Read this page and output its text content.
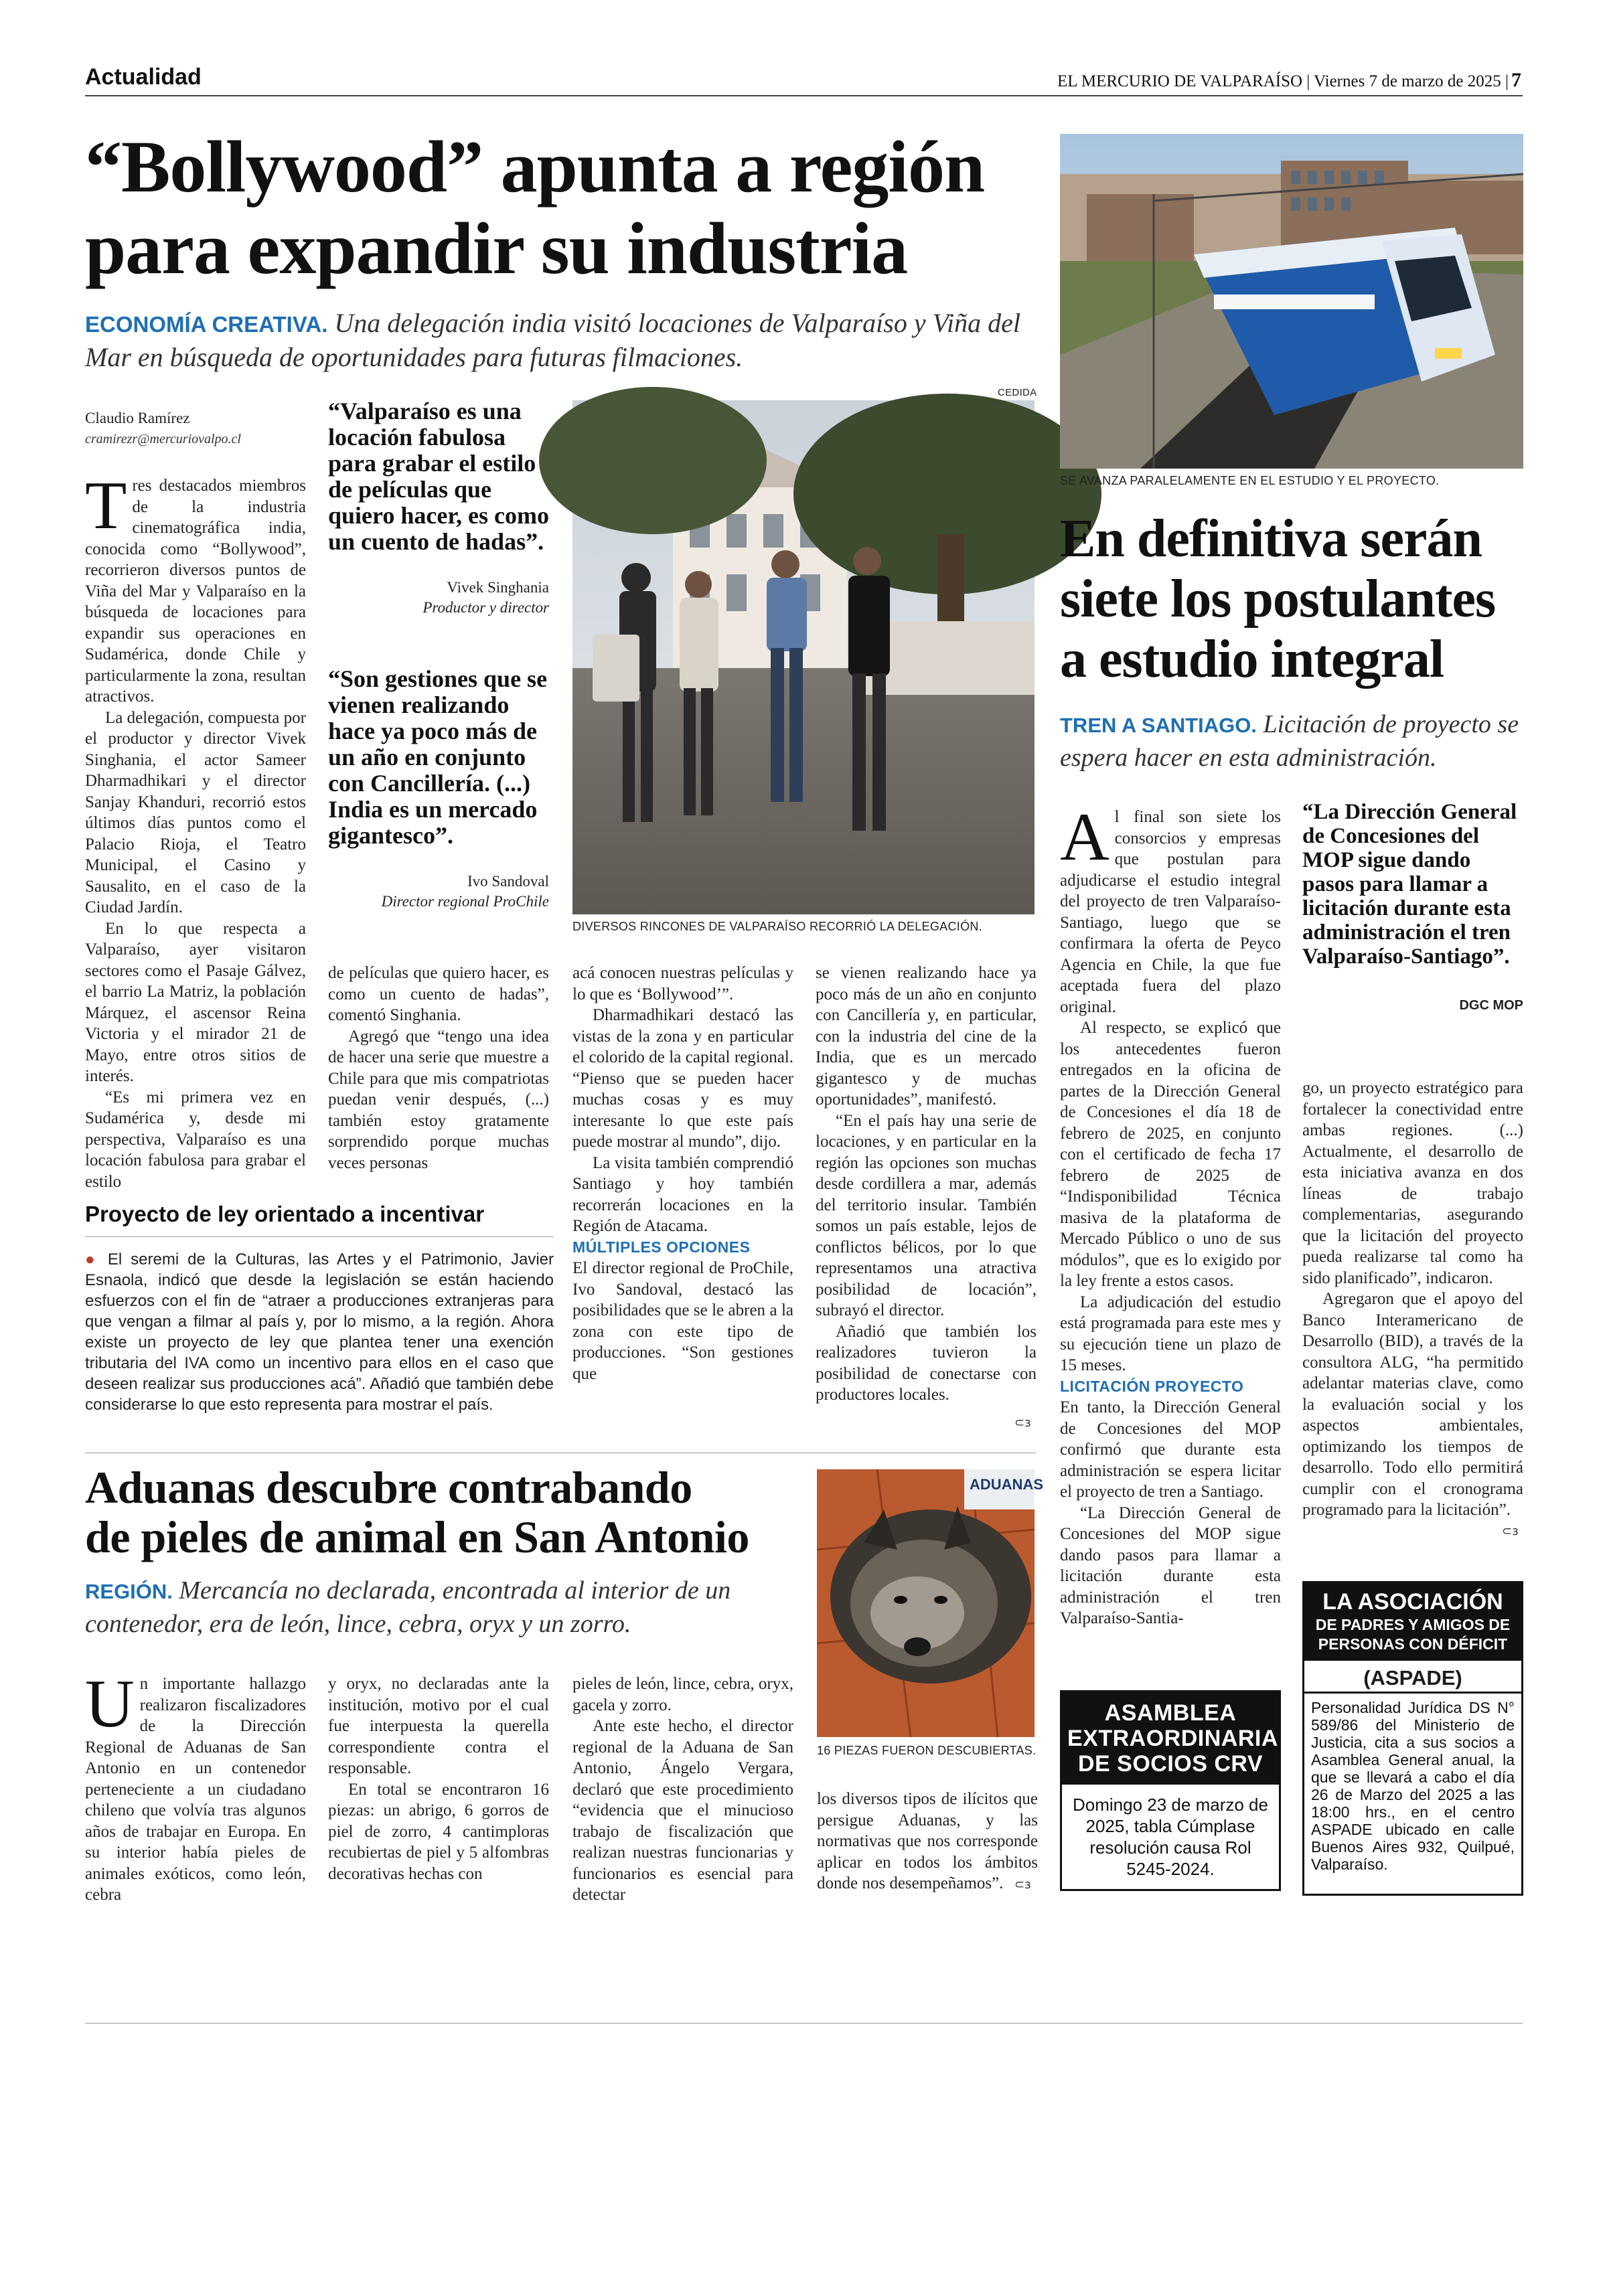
Actualidad	EL MERCURIO DE VALPARAÍSO | Viernes 7 de marzo de 2025 | 7
“Bollywood” apunta a región
para expandir su industria
ECONOMÍA CREATIVA. Una delegación india visitó locaciones de Valparaíso y Viña del Mar en búsqueda de oportunidades para futuras filmaciones.
Claudio Ramírez
cramirezr@mercuriovalpo.cl

Tres destacados miembros de la industria cinematográfica india, conocida como “Bollywood”, recorrieron diversos puntos de Viña del Mar y Valparaíso en la búsqueda de locaciones para expandir sus operaciones en Sudamérica, donde Chile y particularmente la zona, resultan atractivos.

La delegación, compuesta por el productor y director Vivek Singhania, el actor Sameer Dharmadhikari y el director Sanjay Khanduri, recorrió estos últimos días puntos como el Palacio Rioja, el Teatro Municipal, el Casino y Sausalito, en el caso de la Ciudad Jardín.

En lo que respecta a Valparaíso, ayer visitaron sectores como el Pasaje Gálvez, el barrio La Matriz, la población Márquez, el ascensor Reina Victoria y el mirador 21 de Mayo, entre otros sitios de interés.

“Es mi primera vez en Sudamérica y, desde mi perspectiva, Valparaíso es una locación fabulosa para grabar el estilo

“Valparaíso es una locación fabulosa para grabar el estilo de películas que quiero hacer, es como un cuento de hadas”.
Vivek Singhania
Productor y director
“Son gestiones que se vienen realizando hace ya poco más de un año en conjunto con Cancillería. (...) India es un mercado gigantesco”.
Ivo Sandoval
Director regional ProChile
CEDIDA
DIVERSOS RINCONES DE VALPARAÍSO RECORRIÓ LA DELEGACIÓN.

de películas que quiero hacer, es como un cuento de hadas”, comentó Singhania.

Agregó que “tengo una idea de hacer una serie que muestre a Chile para que mis compatriotas puedan venir después, (...) también estoy gratamente sorprendido porque muchas veces personas

acá conocen nuestras películas y lo que es ‘Bollywood’”.

Dharmadhikari destacó las vistas de la zona y en particular el colorido de la capital regional. “Pienso que se pueden hacer muchas cosas y es muy interesante lo que este país puede mostrar al mundo”, dijo.

La visita también comprendió Santiago y hoy también recorrerán locaciones en la Región de Atacama.

MÚLTIPLES OPCIONES

El director regional de ProChile, Ivo Sandoval, destacó las posibilidades que se le abren a la zona con este tipo de producciones. “Son gestiones que

se vienen realizando hace ya poco más de un año en conjunto con Cancillería y, en particular, con la industria del cine de la India, que es un mercado gigantesco y de muchas oportunidades”, manifestó.

“En el país hay una serie de locaciones, y en particular en la región las opciones son muchas desde cordillera a mar, además del territorio insular. También somos un país estable, lejos de conflictos bélicos, por lo que representamos una atractiva posibilidad de locación”, subrayó el director.

Añadió que también los realizadores tuvieron la posibilidad de conectarse con productores locales.

⊂ɜ
Proyecto de ley orientado a incentivar

● El seremi de la Culturas, las Artes y el Patrimonio, Javier Esnaola, indicó que desde la legislación se están haciendo esfuerzos con el fin de “atraer a producciones extranjeras para que vengan a filmar al país y, por lo mismo, a la región. Ahora existe un proyecto de ley que plantea tener una exención tributaria del IVA como un incentivo para ellos en el caso que deseen realizar sus producciones acá”. Añadió que también debe considerarse lo que esto representa para mostrar el país.

SE AVANZA PARALELAMENTE EN EL ESTUDIO Y EL PROYECTO.
En definitiva serán
siete los postulantes
a estudio integral
TREN A SANTIAGO. Licitación de proyecto se espera hacer en esta administración.

Al final son siete los consorcios y empresas que postulan para adjudicarse el estudio integral del proyecto de tren Valparaíso-Santiago, luego que se confirmara la oferta de Peyco Agencia en Chile, la que fue aceptada fuera del plazo original.

Al respecto, se explicó que los antecedentes fueron entregados en la oficina de partes de la Dirección General de Concesiones el día 18 de febrero de 2025, en conjunto con el certificado de fecha 17 febrero de 2025 de “Indisponibilidad Técnica masiva de la plataforma de Mercado Público o uno de sus módulos”, que es lo exigido por la ley frente a estos casos.

La adjudicación del estudio está programada para este mes y su ejecución tiene un plazo de 15 meses.

LICITACIÓN PROYECTO

En tanto, la Dirección General de Concesiones del MOP confirmó que durante esta administración se espera licitar el proyecto de tren a Santiago.

“La Dirección General de Concesiones del MOP sigue dando pasos para llamar a licitación durante esta administración el tren Valparaíso-Santia-

“La Dirección General de Concesiones del MOP sigue dando pasos para llamar a licitación durante esta administración el tren Valparaíso-Santiago”.
DGC MOP

go, un proyecto estratégico para fortalecer la conectividad entre ambas regiones. (...) Actualmente, el desarrollo de esta iniciativa avanza en dos líneas de trabajo complementarias, asegurando que la licitación del proyecto pueda realizarse tal como ha sido planificado”, indicaron.

Agregaron que el apoyo del Banco Interamericano de Desarrollo (BID), a través de la consultora ALG, “ha permitido adelantar materias clave, como la evaluación social y los aspectos ambientales, optimizando los tiempos de desarrollo. Todo ello permitirá cumplir con el cronograma programado para la licitación”.

⊂ɜ
Aduanas descubre contrabando
de pieles de animal en San Antonio
REGIÓN. Mercancía no declarada, encontrada al interior de un contenedor, era de león, lince, cebra, oryx y un zorro.
ADUANAS
16 PIEZAS FUERON DESCUBIERTAS.

Un importante hallazgo realizaron fiscalizadores de la Dirección Regional de Aduanas de San Antonio en un contenedor perteneciente a un ciudadano chileno que volvía tras algunos años de trabajar en Europa. En su interior había pieles de animales exóticos, como león, cebra

y oryx, no declaradas ante la institución, motivo por el cual fue interpuesta la querella correspondiente contra el responsable.

En total se encontraron 16 piezas: un abrigo, 6 gorros de piel de zorro, 4 cantimploras recubiertas de piel y 5 alfombras decorativas hechas con

pieles de león, lince, cebra, oryx, gacela y zorro.

Ante este hecho, el director regional de la Aduana de San Antonio, Ángelo Vergara, declaró que este procedimiento “evidencia que el minucioso trabajo de fiscalización que realizan nuestras funcionarias y funcionarios es esencial para detectar

los diversos tipos de ilícitos que persigue Aduanas, y las normativas que nos corresponde aplicar en todos los ámbitos donde nos desempeñamos”. ⊂ɜ
ASAMBLEA EXTRAORDINARIA DE SOCIOS CRV
Domingo 23 de marzo de 2025, tabla Cúmplase resolución causa Rol 5245-2024.
LA ASOCIACIÓN
DE PADRES Y AMIGOS DE PERSONAS CON DÉFICIT
(ASPADE)
Personalidad Jurídica DS N° 589/86 del Ministerio de Justicia, cita a sus socios a Asamblea General anual, la que se llevará a cabo el día 26 de Marzo del 2025 a las 18:00 hrs., en el centro ASPADE ubicado en calle Buenos Aires 932, Quilpué, Valparaíso.
